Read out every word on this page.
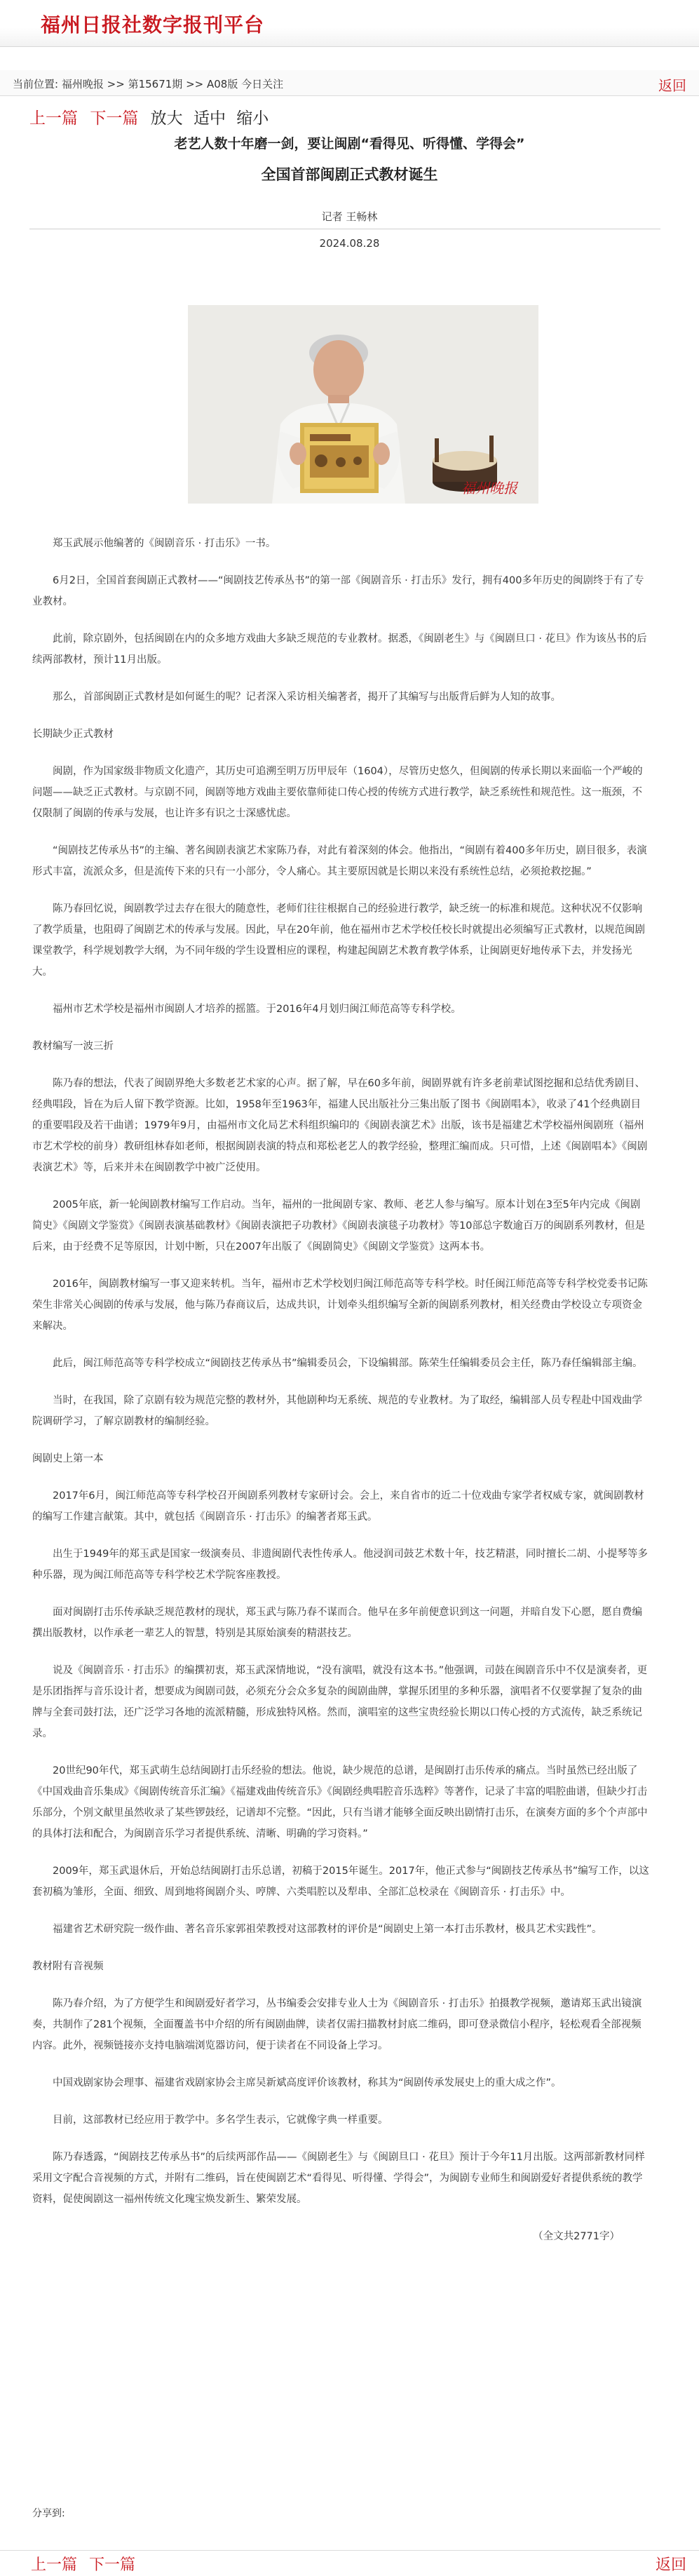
福州日报社数字报刊平台
当前位置: 福州晚报 >> 第15671期 >> A08版 今日关注	返回
上一篇 下一篇 放大 适中 缩小
老艺人数十年磨一剑，要让闽剧“看得见、听得懂、学得会”
全国首部闽剧正式教材诞生
记者 王畅林
2024.08.28
福州晚报

郑玉武展示他编著的《闽剧音乐 · 打击乐》一书。

6月2日，全国首套闽剧正式教材——“闽剧技艺传承丛书”的第一部《闽剧音乐 · 打击乐》发行，拥有400多年历史的闽剧终于有了专业教材。

此前，除京剧外，包括闽剧在内的众多地方戏曲大多缺乏规范的专业教材。据悉，《闽剧老生》与《闽剧旦口 · 花旦》作为该丛书的后续两部教材，预计11月出版。

那么，首部闽剧正式教材是如何诞生的呢？记者深入采访相关编著者，揭开了其编写与出版背后鲜为人知的故事。

长期缺少正式教材

闽剧，作为国家级非物质文化遗产，其历史可追溯至明万历甲辰年（1604），尽管历史悠久，但闽剧的传承长期以来面临一个严峻的问题——缺乏正式教材。与京剧不同，闽剧等地方戏曲主要依靠师徒口传心授的传统方式进行教学，缺乏系统性和规范性。这一瓶颈，不仅限制了闽剧的传承与发展，也让许多有识之士深感忧虑。

“闽剧技艺传承丛书”的主编、著名闽剧表演艺术家陈乃春，对此有着深刻的体会。他指出，“闽剧有着400多年历史，剧目很多，表演形式丰富，流派众多，但是流传下来的只有一小部分，令人痛心。其主要原因就是长期以来没有系统性总结，必须抢救挖掘。”

陈乃春回忆说，闽剧教学过去存在很大的随意性，老师们往往根据自己的经验进行教学，缺乏统一的标准和规范。这种状况不仅影响了教学质量，也阻碍了闽剧艺术的传承与发展。因此，早在20年前，他在福州市艺术学校任校长时就提出必须编写正式教材，以规范闽剧课堂教学，科学规划教学大纲，为不同年级的学生设置相应的课程，构建起闽剧艺术教育教学体系，让闽剧更好地传承下去，并发扬光大。

福州市艺术学校是福州市闽剧人才培养的摇篮。于2016年4月划归闽江师范高等专科学校。

教材编写一波三折

陈乃春的想法，代表了闽剧界绝大多数老艺术家的心声。据了解，早在60多年前，闽剧界就有许多老前辈试图挖掘和总结优秀剧目、经典唱段，旨在为后人留下教学资源。比如，1958年至1963年，福建人民出版社分三集出版了图书《闽剧唱本》，收录了41个经典剧目的重要唱段及若干曲谱；1979年9月，由福州市文化局艺术科组织编印的《闽剧表演艺术》出版，该书是福建艺术学校福州闽剧班（福州市艺术学校的前身）教研组林春如老师，根据闽剧表演的特点和郑松老艺人的教学经验，整理汇编而成。只可惜，上述《闽剧唱本》《闽剧表演艺术》等，后来并未在闽剧教学中被广泛使用。

2005年底，新一轮闽剧教材编写工作启动。当年，福州的一批闽剧专家、教师、老艺人参与编写。原本计划在3至5年内完成《闽剧简史》《闽剧文学鉴赏》《闽剧表演基础教材》《闽剧表演把子功教材》《闽剧表演毯子功教材》等10部总字数逾百万的闽剧系列教材，但是后来，由于经费不足等原因，计划中断，只在2007年出版了《闽剧简史》《闽剧文学鉴赏》这两本书。

2016年，闽剧教材编写一事又迎来转机。当年，福州市艺术学校划归闽江师范高等专科学校。时任闽江师范高等专科学校党委书记陈荣生非常关心闽剧的传承与发展，他与陈乃春商议后，达成共识，计划牵头组织编写全新的闽剧系列教材，相关经费由学校设立专项资金来解决。

此后，闽江师范高等专科学校成立“闽剧技艺传承丛书”编辑委员会，下设编辑部。陈荣生任编辑委员会主任，陈乃春任编辑部主编。

当时，在我国，除了京剧有较为规范完整的教材外，其他剧种均无系统、规范的专业教材。为了取经，编辑部人员专程赴中国戏曲学院调研学习，了解京剧教材的编制经验。

闽剧史上第一本

2017年6月，闽江师范高等专科学校召开闽剧系列教材专家研讨会。会上，来自省市的近二十位戏曲专家学者权威专家，就闽剧教材的编写工作建言献策。其中，就包括《闽剧音乐 · 打击乐》的编著者郑玉武。

出生于1949年的郑玉武是国家一级演奏员、非遗闽剧代表性传承人。他浸润司鼓艺术数十年，技艺精湛，同时擅长二胡、小提琴等多种乐器，现为闽江师范高等专科学校艺术学院客座教授。

面对闽剧打击乐传承缺乏规范教材的现状，郑玉武与陈乃春不谋而合。他早在多年前便意识到这一问题，并暗自发下心愿，愿自费编撰出版教材，以作承老一辈艺人的智慧，特别是其原始演奏的精湛技艺。

说及《闽剧音乐 · 打击乐》的编撰初衷，郑玉武深情地说，“没有演唱，就没有这本书。”他强调，司鼓在闽剧音乐中不仅是演奏者，更是乐团指挥与音乐设计者，想要成为闽剧司鼓，必须充分会众多复杂的闽剧曲牌，掌握乐团里的多种乐器，演唱者不仅要掌握了复杂的曲牌与全套司鼓打法，还广泛学习各地的流派精髓，形成独特风格。然而，演唱室的这些宝贵经验长期以口传心授的方式流传，缺乏系统记录。

20世纪90年代，郑玉武萌生总结闽剧打击乐经验的想法。他说，缺少规范的总谱，是闽剧打击乐传承的痛点。当时虽然已经出版了《中国戏曲音乐集成》《闽剧传统音乐汇编》《福建戏曲传统音乐》《闽剧经典唱腔音乐选粹》等著作，记录了丰富的唱腔曲谱，但缺少打击乐部分，个别文献里虽然收录了某些锣鼓经，记谱却不完整。“因此，只有当谱才能够全面反映出剧情打击乐，在演奏方面的多个个声部中的具体打法和配合，为闽剧音乐学习者提供系统、清晰、明确的学习资料。”

2009年，郑玉武退休后，开始总结闽剧打击乐总谱，初稿于2015年诞生。2017年，他正式参与“闽剧技艺传承丛书”编写工作，以这套初稿为雏形，全面、细致、周到地将闽剧介头、哼牌、六类唱腔以及犁串、全部汇总校录在《闽剧音乐 · 打击乐》中。

福建省艺术研究院一级作曲、著名音乐家郭祖荣教授对这部教材的评价是“闽剧史上第一本打击乐教材，极具艺术实践性”。

教材附有音视频

陈乃春介绍，为了方便学生和闽剧爱好者学习，丛书编委会安排专业人士为《闽剧音乐 · 打击乐》拍摄教学视频，邀请郑玉武出镜演奏，共制作了281个视频，全面覆盖书中介绍的所有闽剧曲牌，读者仅需扫描教材封底二维码，即可登录微信小程序，轻松观看全部视频内容。此外，视频链接亦支持电脑端浏览器访问，便于读者在不同设备上学习。

中国戏剧家协会理事、福建省戏剧家协会主席吴新斌高度评价该教材，称其为“闽剧传承发展史上的重大成之作”。

目前，这部教材已经应用于教学中。多名学生表示，它就像字典一样重要。

陈乃春透露，“闽剧技艺传承丛书”的后续两部作品——《闽剧老生》与《闽剧旦口 · 花旦》预计于今年11月出版。这两部新教材同样采用文字配合音视频的方式，并附有二维码，旨在使闽剧艺术“看得见、听得懂、学得会”，为闽剧专业师生和闽剧爱好者提供系统的教学资料，促使闽剧这一福州传统文化瑰宝焕发新生、繁荣发展。

（全文共2771字）

分享到:
上一篇 下一篇	返回
